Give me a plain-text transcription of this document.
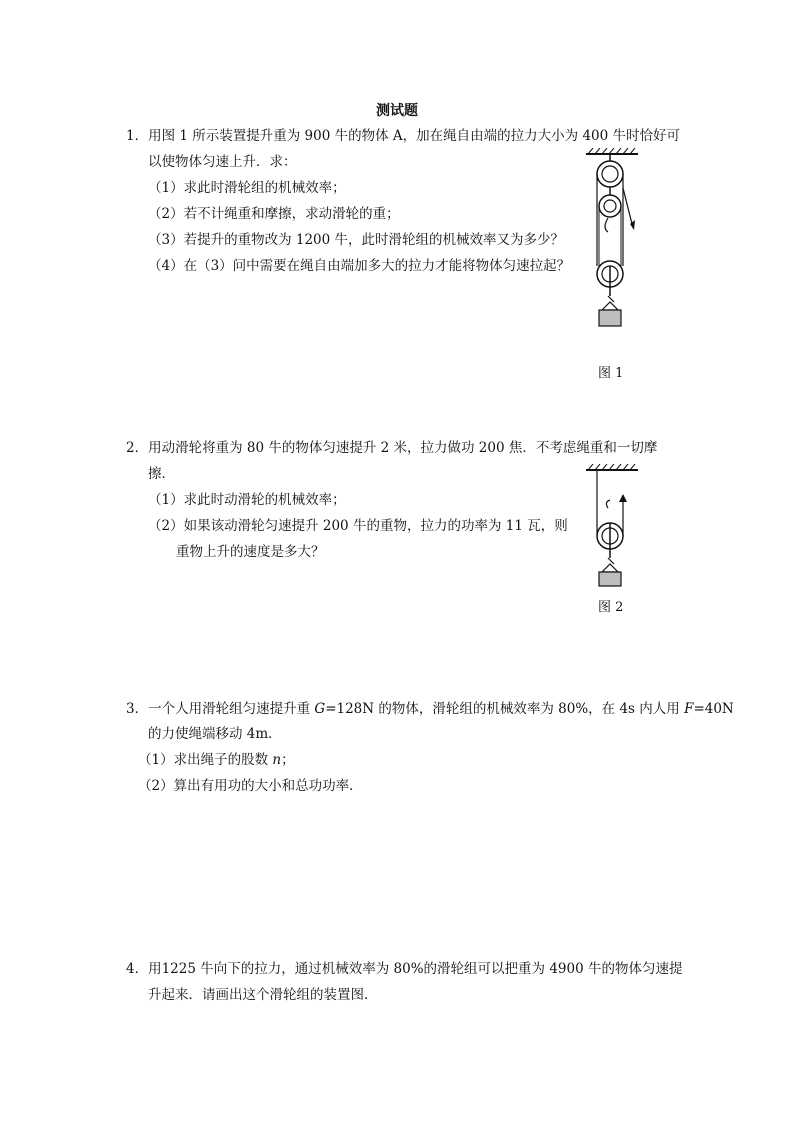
测试题
1．用图 1 所示装置提升重为 900 牛的物体 A，加在绳自由端的拉力大小为 400 牛时恰好可
以使物体匀速上升．求：
（1）求此时滑轮组的机械效率；
（2）若不计绳重和摩擦，求动滑轮的重；
（3）若提升的重物改为 1200 牛，此时滑轮组的机械效率又为多少？
（4）在（3）问中需要在绳自由端加多大的拉力才能将物体匀速拉起？
图 1
2．用动滑轮将重为 80 牛的物体匀速提升 2 米，拉力做功 200 焦．不考虑绳重和一切摩
擦．
（1）求此时动滑轮的机械效率；
（2）如果该动滑轮匀速提升 200 牛的重物，拉力的功率为 11 瓦，则
重物上升的速度是多大？
图 2
3．一个人用滑轮组匀速提升重 G=128N 的物体，滑轮组的机械效率为 80%，在 4s 内人用 F=40N
的力使绳端移动 4m．
（1）求出绳子的股数 n；
（2）算出有用功的大小和总功功率．
4．用1225 牛向下的拉力，通过机械效率为 80%的滑轮组可以把重为 4900 牛的物体匀速提
升起来．请画出这个滑轮组的装置图．
